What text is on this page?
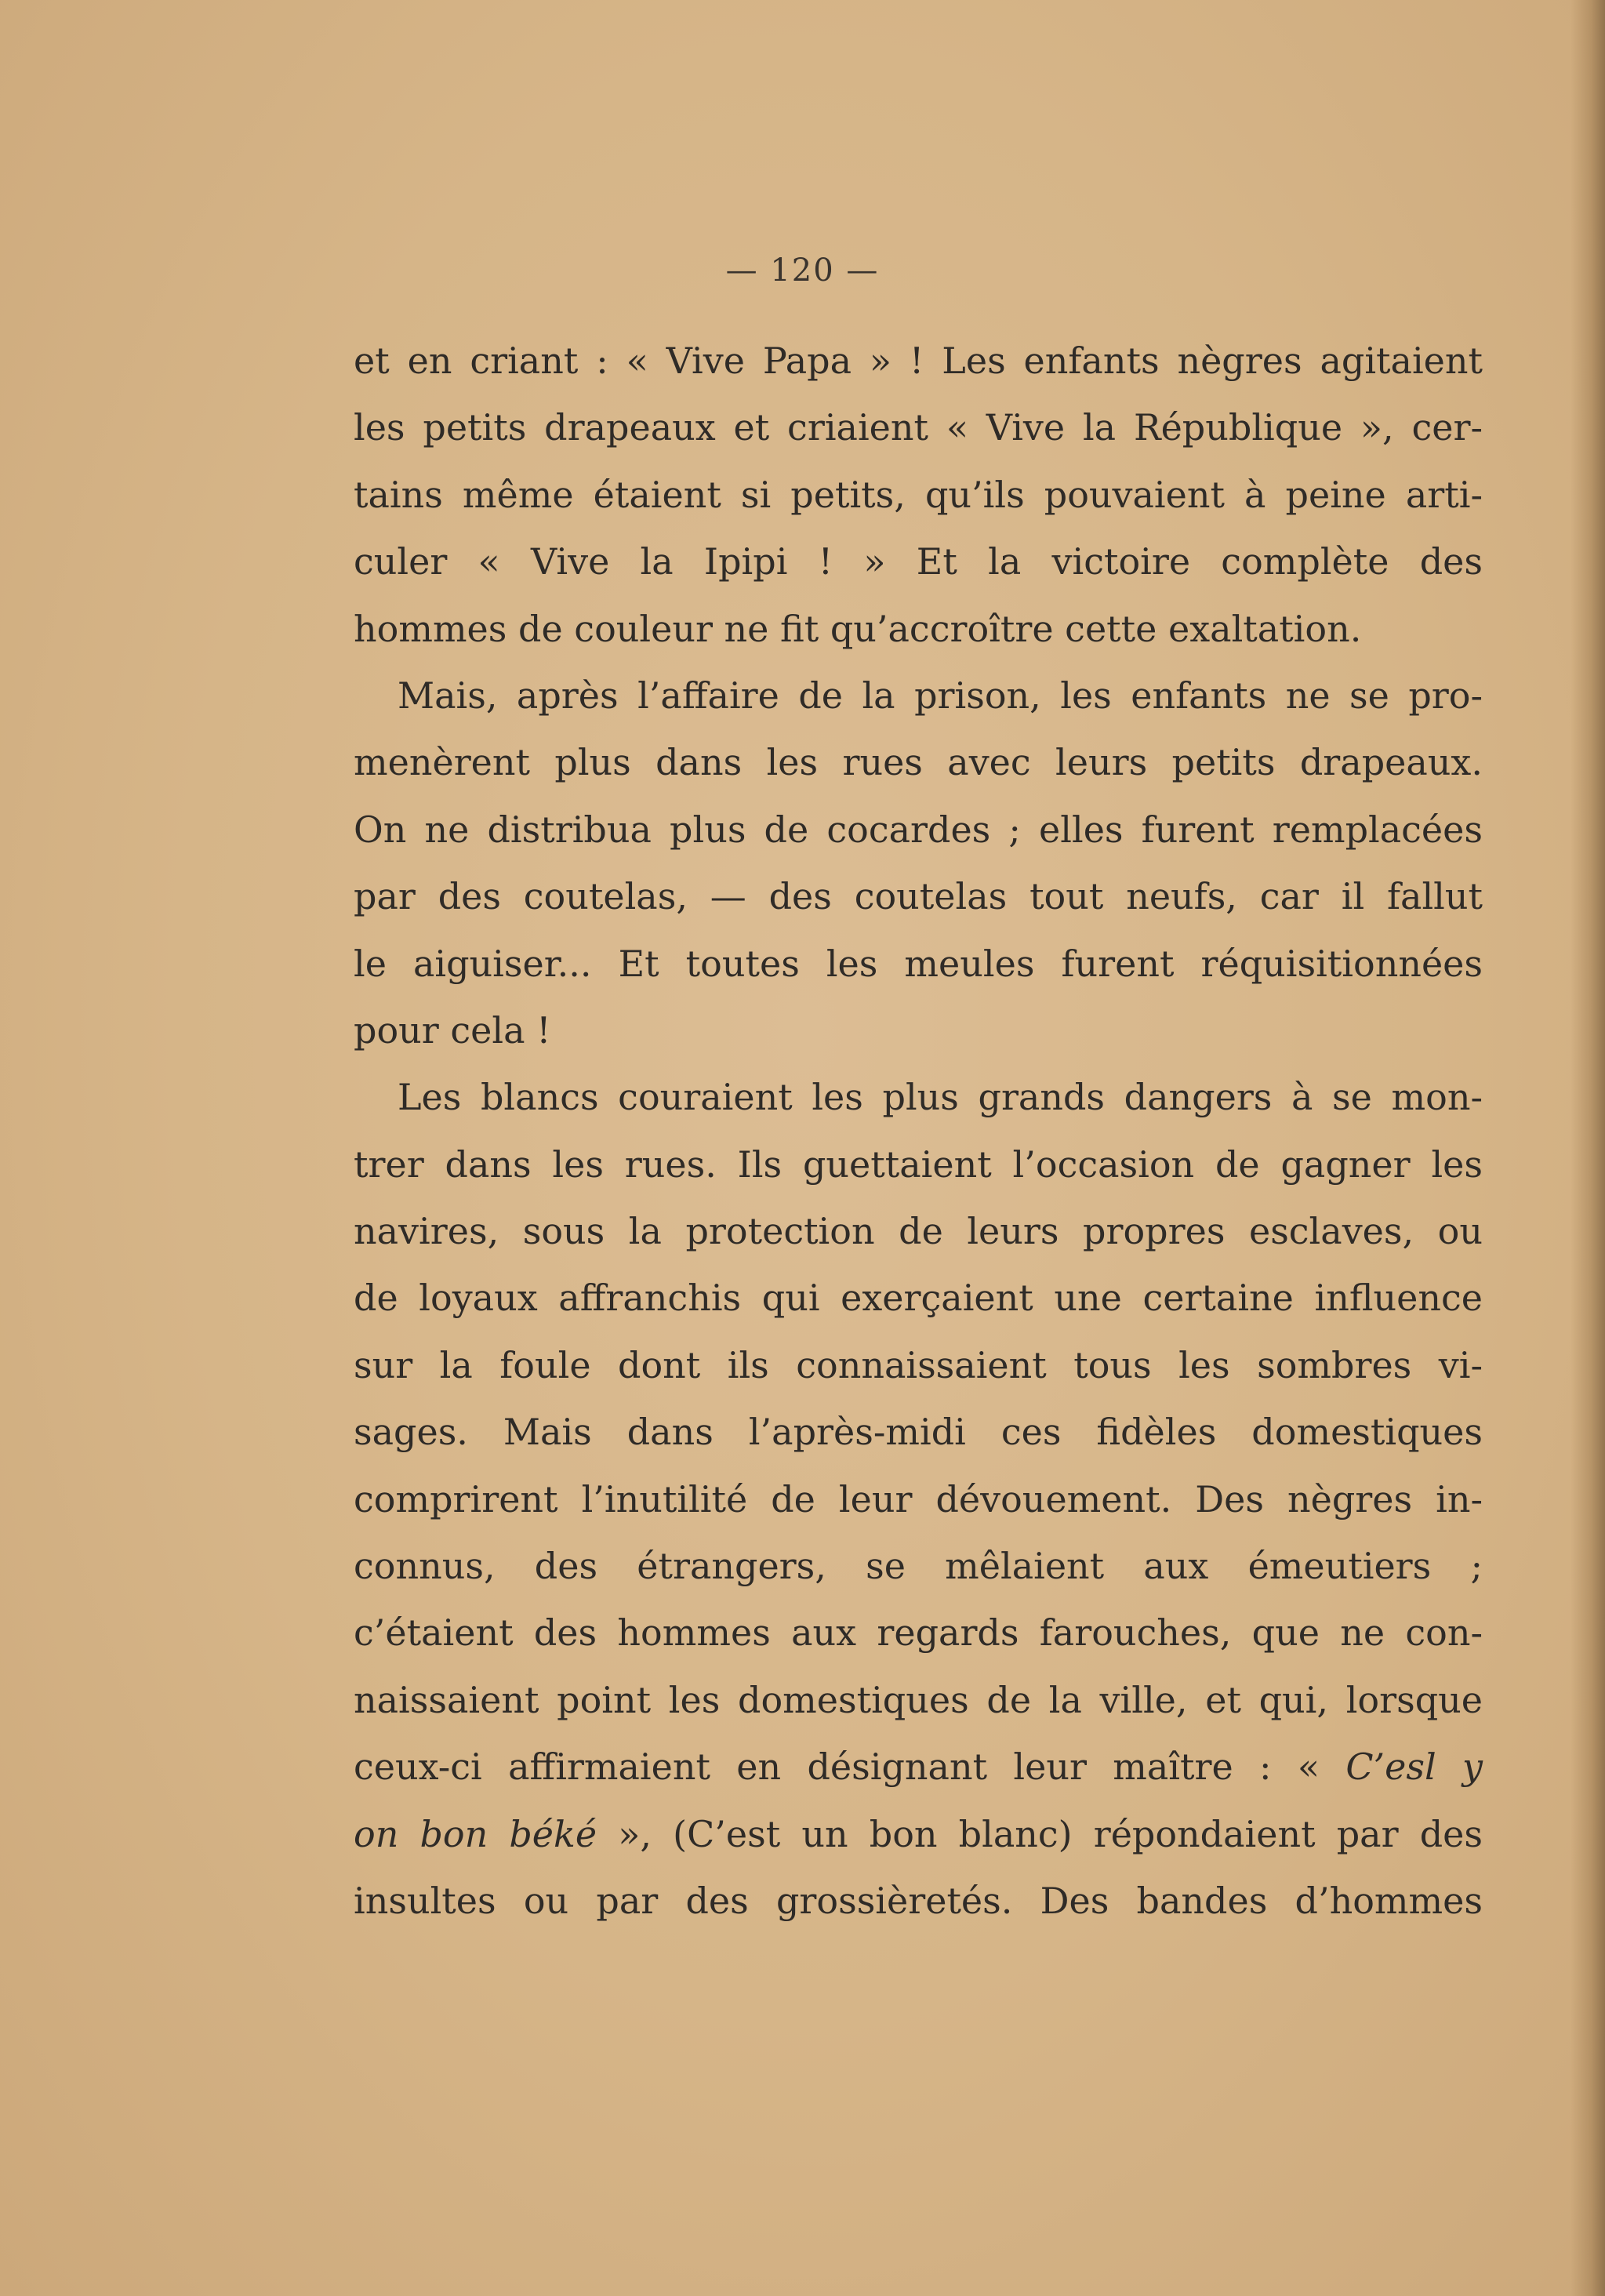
— 120 —
et en criant : « Vive Papa » ! Les enfants nègres agitaient
les petits drapeaux et criaient « Vive la République », cer-
tains même étaient si petits, qu’ils pouvaient à peine arti-
culer « Vive la Ipipi ! » Et la victoire complète des
hommes de couleur ne fit qu’accroître cette exaltation.
Mais, après l’affaire de la prison, les enfants ne se pro-
menèrent plus dans les rues avec leurs petits drapeaux.
On ne distribua plus de cocardes ; elles furent remplacées
par des coutelas, — des coutelas tout neufs, car il fallut
le aiguiser... Et toutes les meules furent réquisitionnées
pour cela !
Les blancs couraient les plus grands dangers à se mon-
trer dans les rues. Ils guettaient l’occasion de gagner les
navires, sous la protection de leurs propres esclaves, ou
de loyaux affranchis qui exerçaient une certaine influence
sur la foule dont ils connaissaient tous les sombres vi-
sages. Mais dans l’après-midi ces fidèles domestiques
comprirent l’inutilité de leur dévouement. Des nègres in-
connus, des étrangers, se mêlaient aux émeutiers ;
c’étaient des hommes aux regards farouches, que ne con-
naissaient point les domestiques de la ville, et qui, lorsque
ceux-ci affirmaient en désignant leur maître : « C’esl y
on bon béké », (C’est un bon blanc) répondaient par des
insultes ou par des grossièretés. Des bandes d’hommes
